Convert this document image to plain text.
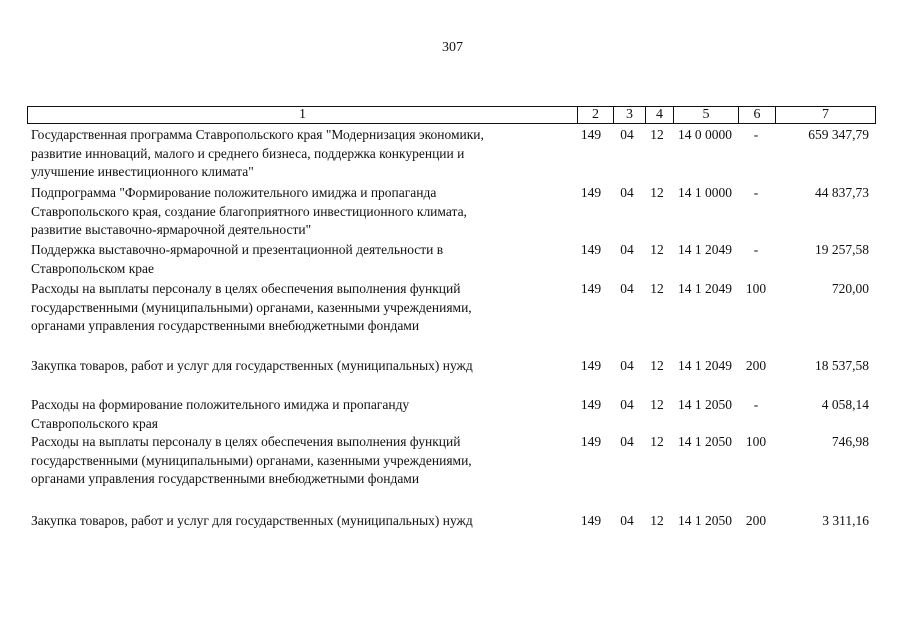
307
1	2	3	4	5	6	7
Государственная программа Ставропольского края "Модернизация экономики,
развитие инноваций, малого и среднего бизнеса, поддержка конкуренции и
улучшение инвестиционного климата"
149	04	12	14 0 0000	-	659 347,79
Подпрограмма "Формирование положительного имиджа и пропаганда
Ставропольского края, создание благоприятного инвестиционного климата,
развитие выставочно-ярмарочной деятельности"
149	04	12	14 1 0000	-	44 837,73
Поддержка выставочно-ярмарочной и презентационной деятельности в
Ставропольском крае
149	04	12	14 1 2049	-	19 257,58
Расходы на выплаты персоналу в целях обеспечения выполнения функций
государственными (муниципальными) органами, казенными учреждениями,
органами управления государственными внебюджетными фондами
149	04	12	14 1 2049	100	720,00
Закупка товаров, работ и услуг для государственных (муниципальных) нужд	149	04	12	14 1 2049	200	18 537,58
Расходы на формирование положительного имиджа и пропаганду
Ставропольского края
149	04	12	14 1 2050	-	4 058,14
Расходы на выплаты персоналу в целях обеспечения выполнения функций
государственными (муниципальными) органами, казенными учреждениями,
органами управления государственными внебюджетными фондами
149	04	12	14 1 2050	100	746,98
Закупка товаров, работ и услуг для государственных (муниципальных) нужд	149	04	12	14 1 2050	200	3 311,16
